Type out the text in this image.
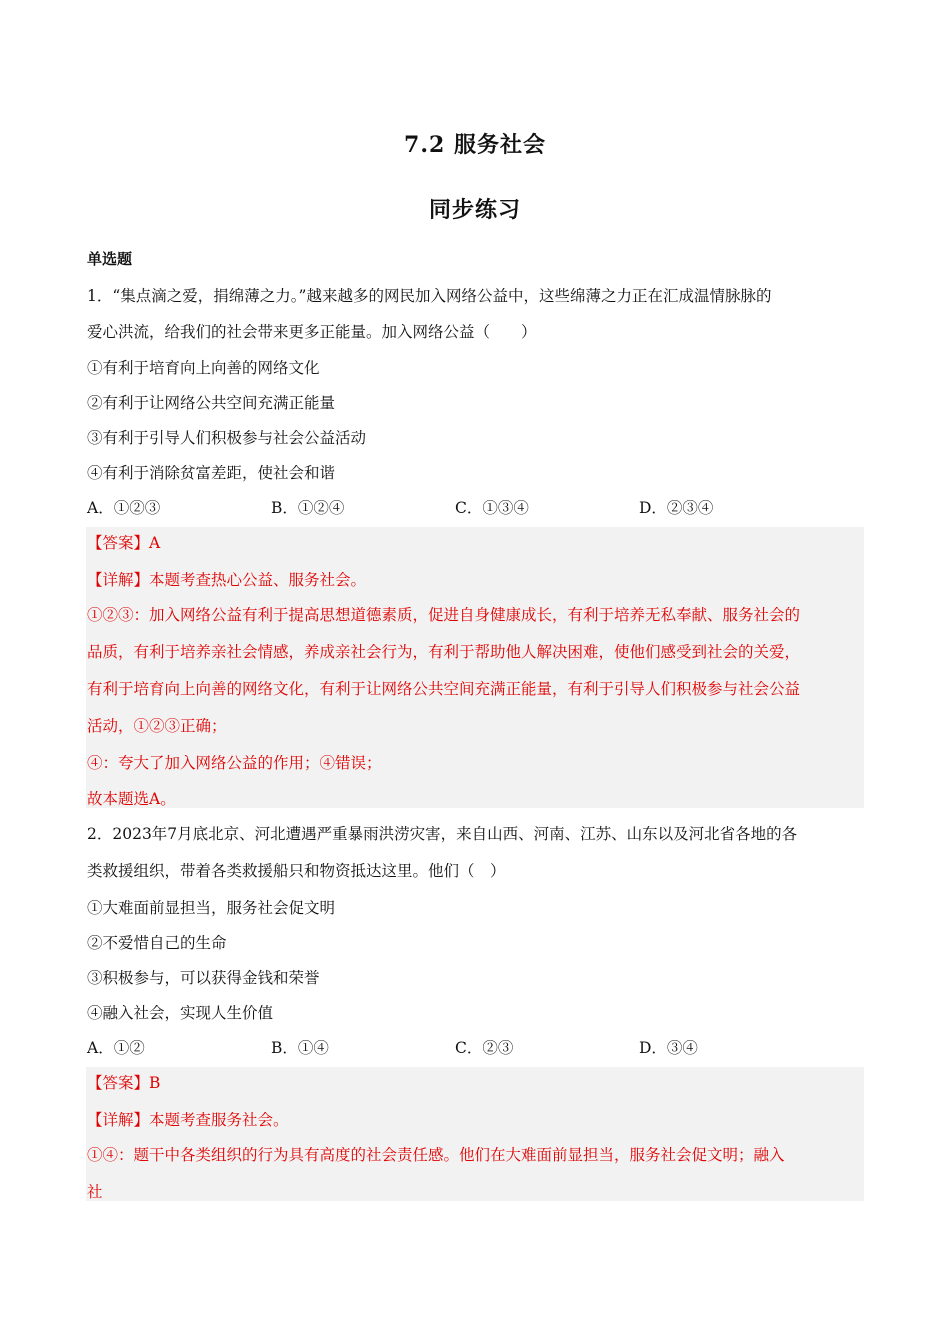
7.2 服务社会
同步练习
单选题
1．“集点滴之爱，捐绵薄之力。”越来越多的网民加入网络公益中，这些绵薄之力正在汇成温情脉脉的
爱心洪流，给我们的社会带来更多正能量。加入网络公益（　　）
①有利于培育向上向善的网络文化
②有利于让网络公共空间充满正能量
③有利于引导人们积极参与社会公益活动
④有利于消除贫富差距，使社会和谐
A．①②③	B．①②④	C．①③④	D．②③④
【答案】A
【详解】本题考查热心公益、服务社会。
①②③：加入网络公益有利于提高思想道德素质，促进自身健康成长，有利于培养无私奉献、服务社会的
品质，有利于培养亲社会情感，养成亲社会行为，有利于帮助他人解决困难，使他们感受到社会的关爱，
有利于培育向上向善的网络文化，有利于让网络公共空间充满正能量，有利于引导人们积极参与社会公益
活动，①②③正确；
④：夸大了加入网络公益的作用；④错误；
故本题选A。
2．2023年7月底北京、河北遭遇严重暴雨洪涝灾害，来自山西、河南、江苏、山东以及河北省各地的各
类救援组织，带着各类救援船只和物资抵达这里。他们（　）
①大难面前显担当，服务社会促文明
②不爱惜自己的生命
③积极参与，可以获得金钱和荣誉
④融入社会，实现人生价值
A．①②	B．①④	C．②③	D．③④
【答案】B
【详解】本题考查服务社会。
①④：题干中各类组织的行为具有高度的社会责任感。他们在大难面前显担当，服务社会促文明；融入
社
